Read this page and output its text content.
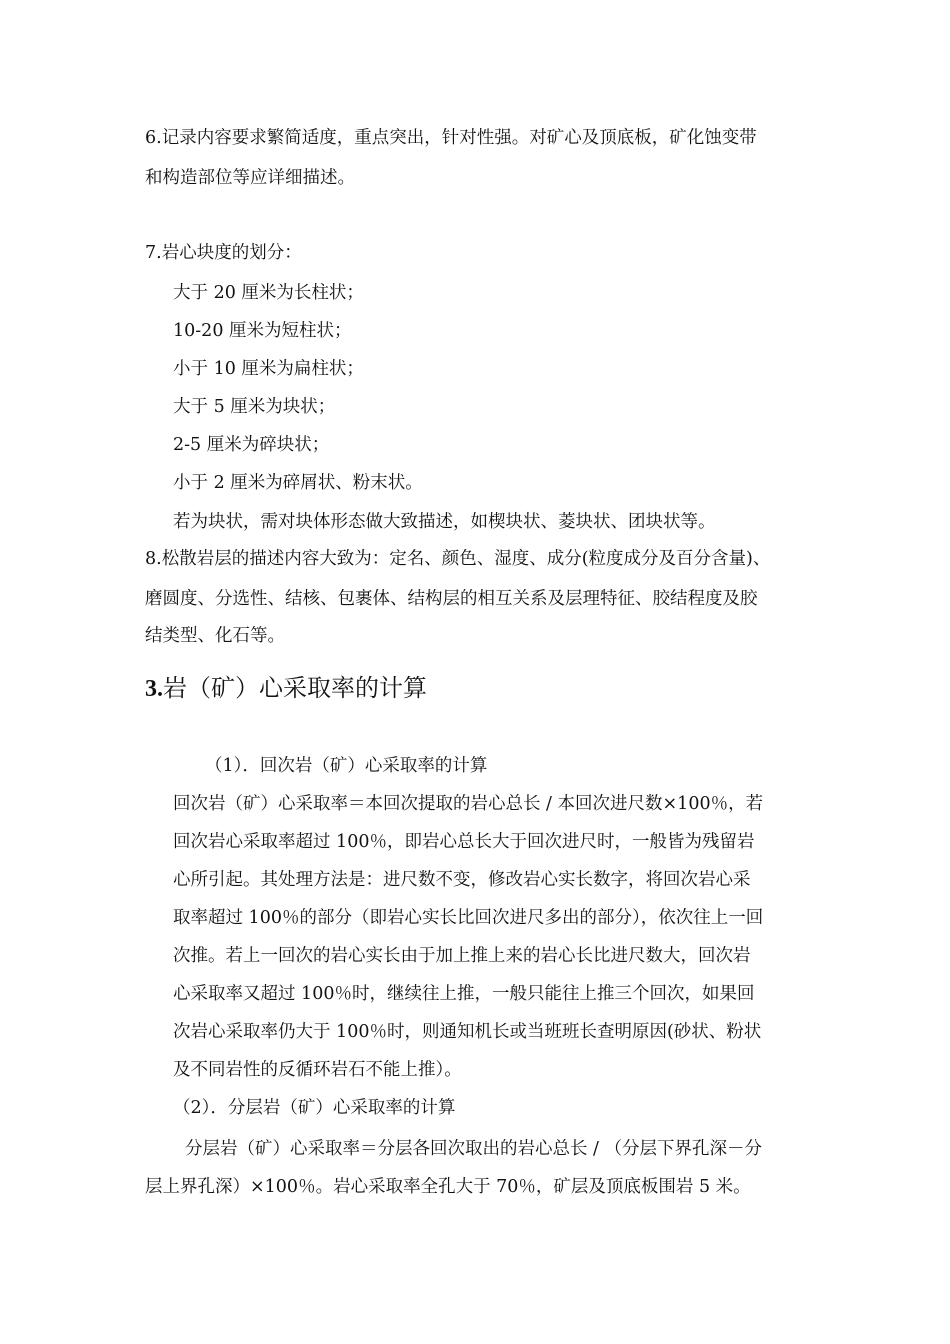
6.记录内容要求繁简适度，重点突出，针对性强。对矿心及顶底板，矿化蚀变带
和构造部位等应详细描述。
7.岩心块度的划分：
大于 20 厘米为长柱状；
10-20 厘米为短柱状；
小于 10 厘米为扁柱状；
大于 5 厘米为块状；
2-5 厘米为碎块状；
小于 2 厘米为碎屑状、粉末状。
若为块状，需对块体形态做大致描述，如楔块状、菱块状、团块状等。
8.松散岩层的描述内容大致为：定名、颜色、湿度、成分(粒度成分及百分含量)、
磨圆度、分选性、结核、包裹体、结构层的相互关系及层理特征、胶结程度及胶
结类型、化石等。
3.岩（矿）心采取率的计算
（1）．回次岩（矿）心采取率的计算
回次岩（矿）心采取率＝本回次提取的岩心总长 / 本回次进尺数×100％，若
回次岩心采取率超过 100％，即岩心总长大于回次进尺时，一般皆为残留岩
心所引起。其处理方法是：进尺数不变，修改岩心实长数字，将回次岩心采
取率超过 100％的部分（即岩心实长比回次进尺多出的部分），依次往上一回
次推。若上一回次的岩心实长由于加上推上来的岩心长比进尺数大，回次岩
心采取率又超过 100％时，继续往上推，一般只能往上推三个回次，如果回
次岩心采取率仍大于 100％时，则通知机长或当班班长查明原因(砂状、粉状
及不同岩性的反循环岩石不能上推）。
（2）．分层岩（矿）心采取率的计算
分层岩（矿）心采取率＝分层各回次取出的岩心总长 / （分层下界孔深－分
层上界孔深）×100％。岩心采取率全孔大于 70％，矿层及顶底板围岩 5 米。
